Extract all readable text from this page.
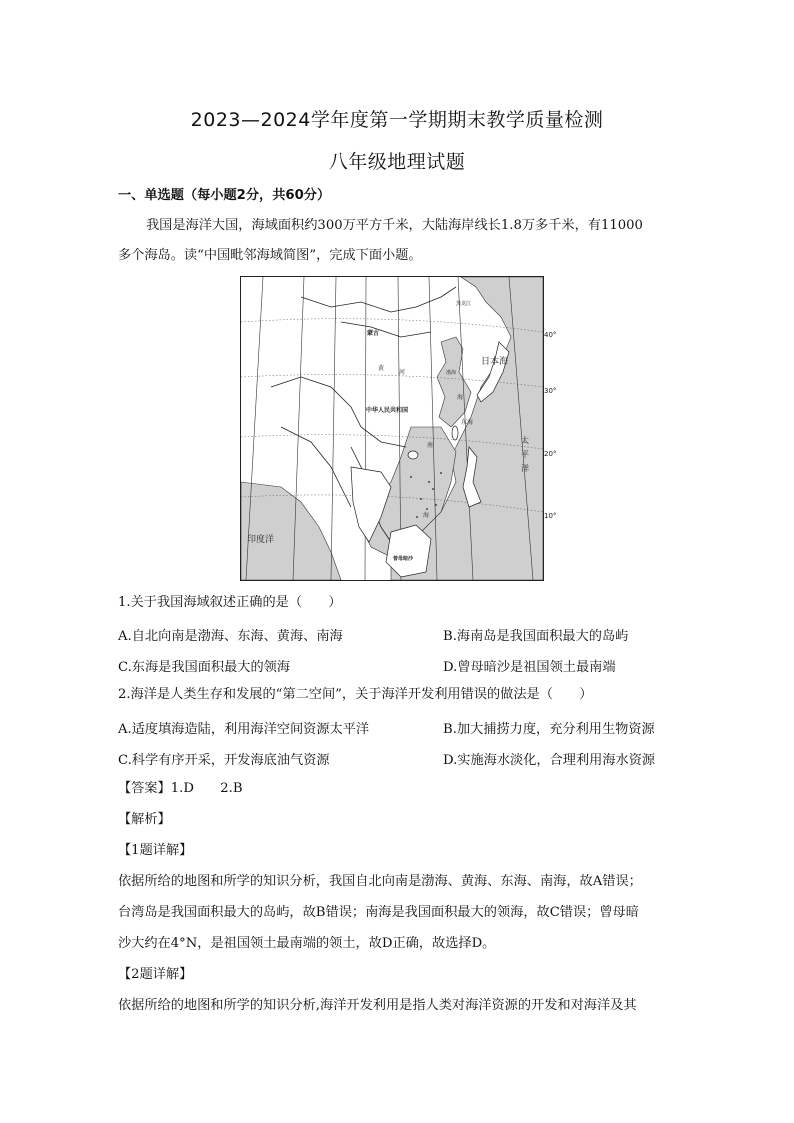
2023—2024学年度第一学期期末教学质量检测
八年级地理试题
一、单选题（每小题2分，共60分）
我国是海洋大国，海域面积约300万平方千米，大陆海岸线长1.8万多千米，有11000
多个海岛。读“中国毗邻海域简图”，完成下面小题。
40°
30°
20°
10°
蒙古
中华人民共和国
日本海
黑龙江
黄
河	渤海
海
东海
南
海
太
平
洋
印度洋
曾母暗沙
1.关于我国海域叙述正确的是（　　）
A.自北向南是渤海、东海、黄海、南海	B.海南岛是我国面积最大的岛屿
C.东海是我国面积最大的领海	D.曾母暗沙是祖国领土最南端
2.海洋是人类生存和发展的“第二空间”，关于海洋开发利用错误的做法是（　　）
A.适度填海造陆，利用海洋空间资源太平洋	B.加大捕捞力度，充分利用生物资源
C.科学有序开采，开发海底油气资源	D.实施海水淡化，合理利用海水资源
【答案】1.D　　2.B
【解析】
【1题详解】
依据所给的地图和所学的知识分析，我国自北向南是渤海、黄海、东海、南海，故A错误；
台湾岛是我国面积最大的岛屿，故B错误；南海是我国面积最大的领海，故C错误；曾母暗
沙大约在4°N，是祖国领土最南端的领土，故D正确，故选择D。
【2题详解】
依据所给的地图和所学的知识分析,海洋开发利用是指人类对海洋资源的开发和对海洋及其
